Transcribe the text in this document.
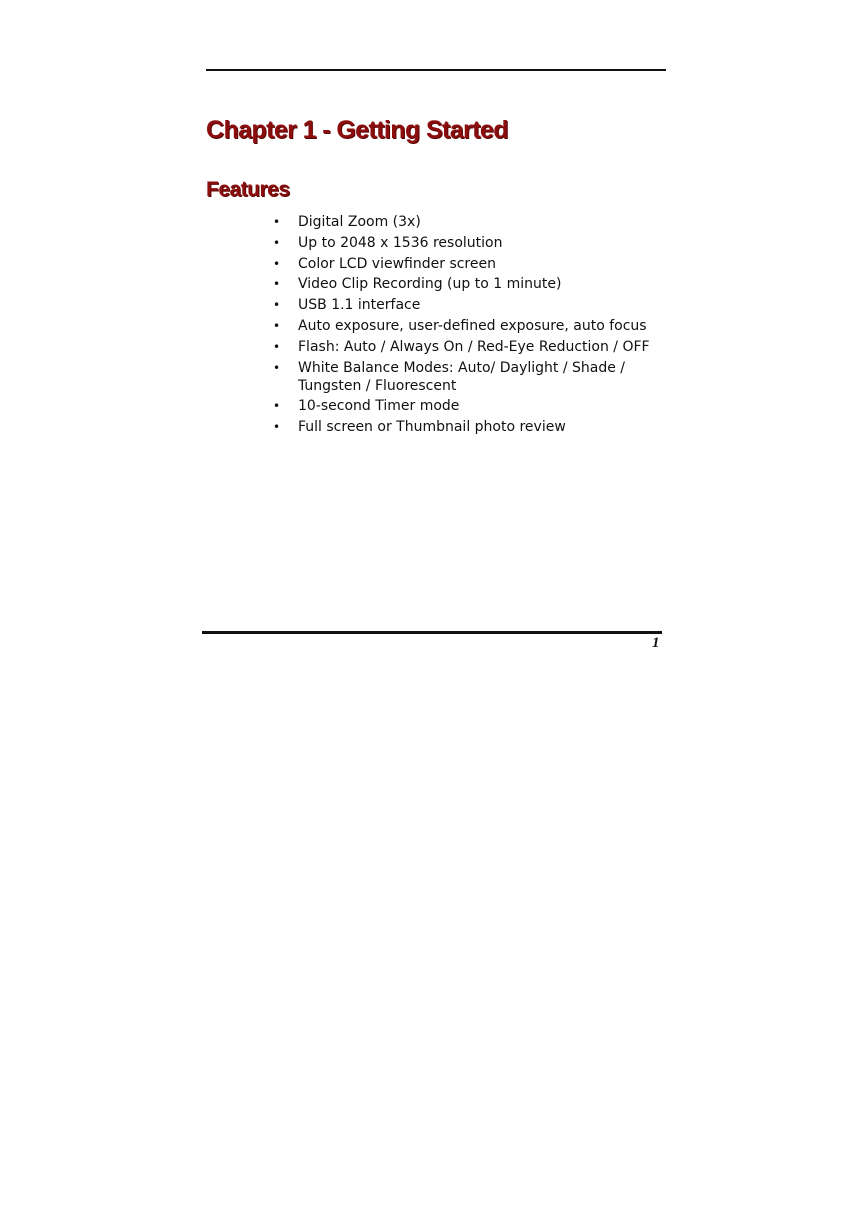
Chapter 1 - Getting Started
Features
• Digital Zoom (3x)
• Up to 2048 x 1536 resolution
• Color LCD viewfinder screen
• Video Clip Recording (up to 1 minute)
• USB 1.1 interface
• Auto exposure, user-defined exposure, auto focus
• Flash: Auto / Always On / Red-Eye Reduction / OFF
• White Balance Modes: Auto/ Daylight / Shade / Tungsten / Fluorescent
• 10-second Timer mode
• Full screen or Thumbnail photo review
1
